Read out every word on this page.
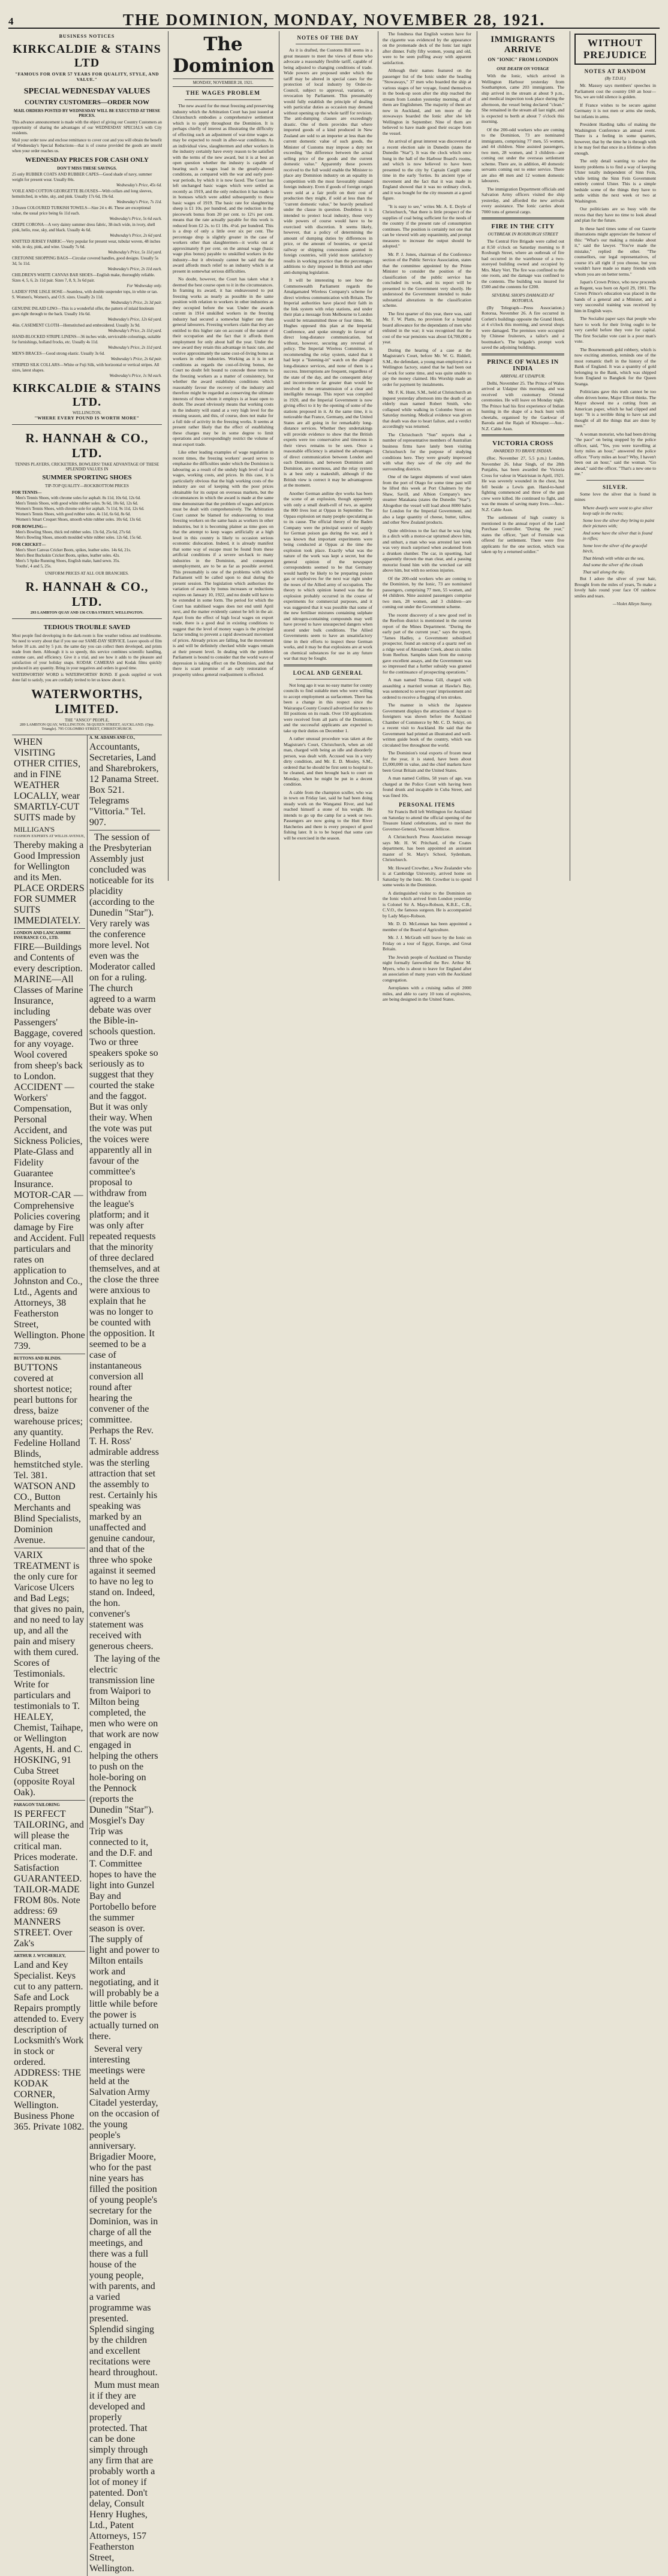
4	THE DOMINION, MONDAY, NOVEMBER 28, 1921.
BUSINESS NOTICES
KIRKCALDIE & STAINS LTD
"FAMOUS FOR OVER 57 YEARS FOR QUALITY, STYLE, AND VALUE."
SPECIAL WEDNESDAY VALUES
COUNTRY CUSTOMERS—ORDER NOW
MAIL ORDERS POSTED BY WEDNESDAY WILL BE EXECUTED AT THESE PRICES.

This advance announcement is made with the object of giving our Country Customers an opportunity of sharing the advantages of our WEDNESDAY SPECIALS with City residents.

Mail your order now and enclose remittance to cover cost and you will obtain the benefit of Wednesday's Special Reductions—that is of course provided the goods are unsold when your order reaches us.

WEDNESDAY PRICES FOR CASH ONLY
DON'T MISS THESE SAVINGS.
25 only RUBBER COATS AND RUBBER CAPES—Good shade of navy, summer weight for present wear. Usually 84s.
Wednesday's Price, 45s 6d.
VOILE AND COTTON GEORGETTE BLOUSES—With collars and long sleeves, hemstitched, in white, sky, and pink. Usually 17s 6d, 19s 6d.
Wednesday's Price, 7s 11d.
3 Dozen COLOURED TURKISH TOWELS—Size 24 x 46. These are exceptional value, the usual price being 6s 11d each.
Wednesday's Price, 5s 6d each.
CREPE CORONA—A very dainty summer dress fabric, 38-inch wide, in ivory, shell pink, helio, rose, sky, and black. Usually 4s 6d.
Wednesday's Price, 2s 6d yard.
KNITTED JERSEY FABRIC—Very popular for present wear, tubular woven, 48 inches wide, in sky, pink, and wine. Usually 7s 6d.
Wednesday's Price, 5s 11d yard.
CRETONNE SHOPPING BAGS—Circular covered handles, good designs. Usually 5s 3d, 5s 11d.
Wednesday's Price, 2s 11d each.
CHILDREN'S WHITE CANVAS BAR SHOES—English make, thoroughly reliable. Sizes 4, 5, 6, 2s 11d pair. Sizes 7, 8, 9, 3s 6d pair.
For Wednesday only.
LADIES' FINE LISLE HOSE—Seamless, with double suspender tops, in white or tan. S. Women's, Women's, and O.S. sizes. Usually 2s 11d.
Wednesday's Price, 2s 3d pair.
GENUINE INLAID LINO—This is a wonderful offer, the pattern of inlaid linoleum goes right through to the back. Usually 16s 6d.
Wednesday's Price, 12s 6d yard.
46in. CASEMENT CLOTH—Hemstitched and embroidered. Usually 3s 9d.
Wednesday's Price, 2s 11d yard.
HAND-BLOCKED STRIPE LINENS—36 inches wide, serviceable colourings, suitable for furnishings, holland frocks, etc. Usually 4s 11d.
Wednesday's Price, 2s 11d yard.
MEN'S BRACES—Good strong elastic. Usually 3s 6d.
Wednesday's Price, 2s 6d pair.
STRIPED SILK COLLARS—White or Fuji Silk, with horizontal or vertical stripes. All sizes, latest shapes.
Wednesday's Price, 1s 9d each.
KIRKCALDIE & STAINS LTD.
WELLINGTON.
"WHERE EVERY POUND IS WORTH MORE"
R. HANNAH & CO., LTD.
TENNIS PLAYERS, CRICKETERS, BOWLERS! TAKE ADVANTAGE OF THESE SPLENDID VALUES IN
SUMMER SPORTING SHOES
TIP-TOP QUALITY—ROCKBOTTOM PRICES
FOR TENNIS—
Men's Tennis Shoes, with chrome soles for asphalt. 8s 11d, 10s 6d, 12s 6d.
Men's Tennis Shoes, with good white rubber soles. 9s 6d, 10s 6d, 12s 6d.
Women's Tennis Shoes, with chrome sole for asphalt. 7s 11d, 9s 11d, 12s 6d.
Women's Tennis Shoes, with good rubber soles. 4s 11d, 6s 6d, 8s 6d.
Women's Smart Croquet Shoes, smooth white rubber soles. 10s 6d, 13s 6d.
FOR BOWLING—
Men's Bowling Shoes, thick red rubber soles. 13s 6d, 25s 6d, 27s 6d.
Men's Bowling Shoes, smooth moulded white rubber soles. 12s 6d, 15s 6d.
FOR CRICKET—
Men's Short Canvas Cricket Boots, spikes, leather soles. 14s 6d, 21s.
Men's Best Buckskin Cricket Boots, spikes, leather soles. 42s.
Men's 5 Spike Running Shoes, English make, hand sewn. 35s.
Youths', 4 and 5, 25s.
UNIFORM PRICES AT ALL OUR BRANCHES.
R. HANNAH & CO., LTD.
293 LAMBTON QUAY AND 136 CUBA STREET, WELLINGTON.
TEDIOUS TROUBLE SAVED

Most people find developing in the dark-room is fine weather tedious and troublesome. No need to worry about that if you use our SAME-DAY SERVICE. Leave spools of film before 10 a.m. and by 5 p.m. the same day you can collect them developed, and prints made from them. Although it is so speedy, this service combines scientific handling, extreme care, and efficiency. Give it a trial, and see how it adds to the pleasure and satisfaction of your holiday snaps. KODAK CAMERAS and Kodak films quickly produced in any quantity. Bring in your negatives and orders in good time.

WATERWORTHS' WORD is WATERWORTHS' BOND. If goods supplied or work done fail to satisfy, you are cordially invited to let us know about it.

WATERWORTHS, LIMITED.
THE "ANSCO" PEOPLE,
289 LAMBTON QUAY, WELLINGTON. 58 QUEEN STREET, AUCKLAND. (Opp. Triangle). 795 COLOMBO STREET, CHRISTCHURCH.

WHEN VISITING OTHER CITIES, and in FINE WEATHER LOCALLY, wear SMARTLY-CUT SUITS made by

MILLIGAN'S
FASHION EXPERTS AT WILLIS AVENUE,

Thereby making a Good Impression for Wellington and its Men. PLACE ORDERS FOR SUMMER SUITS IMMEDIATELY.

LONDON AND LANCASHIRE INSURANCE CO., LTD.

FIRE—Buildings and Contents of every description. MARINE—All Classes of Marine Insurance, including Passengers' Baggage, covered for any voyage. Wool covered from sheep's back to London. ACCIDENT — Workers' Compensation, Personal Accident, and Sickness Policies, Plate-Glass and Fidelity Guarantee Insurance. MOTOR-CAR — Comprehensive Policies covering damage by Fire and Accident. Full particulars and rates on application to Johnston and Co., Ltd., Agents and Attorneys, 38 Featherston Street, Wellington. Phone 739.

BUTTONS AND BLINDS.

BUTTONS covered at shortest notice; pearl buttons for dress, baize warehouse prices; any quantity. Fedeline Holland Blinds, hemstitched style. Tel. 381. WATSON AND CO., Button Merchants and Blind Specialists, Dominion Avenue.

VARIX TREATMENT is the only cure for Varicose Ulcers and Bad Legs; that gives no pain, and no need to lay up, and all the pain and misery with them cured. Scores of Testimonials. Write for particulars and testimonials to T. HEALEY, Chemist, Taihape, or Wellington Agents, H. and C. HOSKING, 91 Cuba Street (opposite Royal Oak).

PARAGON TAILORING

IS PERFECT TAILORING, and will please the critical man. Prices moderate. Satisfaction GUARANTEED. TAILOR-MADE FROM 80s. Note address: 69 MANNERS STREET. Over Zak's

ARTHUR J. WYCHERLEY,

Land and Key Specialist. Keys cut to any pattern. Safe and Lock Repairs promptly attended to. Every description of Locksmith's Work in stock or ordered. ADDRESS: THE KODAK CORNER, Wellington. Business Phone 365. Private 1082.

A. M. ADAMS AND CO.,

Accountants, Secretaries, Land and Sharebrokers, 12 Panama Street. Box 521. Telegrams "Vittoria." Tel. 907.

The session of the Presbyterian Assembly just concluded was noticeable for its placidity (according to the Dunedin "Star"). Very rarely was the conference more level. Not even was the Moderator called on for a ruling. The church agreed to a warm debate was over the Bible-in-schools question. Two or three speakers spoke so seriously as to suggest that they courted the stake and the faggot. But it was only their way. When the vote was put the voices were apparently all in favour of the committee's proposal to withdraw from the league's platform; and it was only after repeated requests that the minority of three declared themselves, and at the close the three were anxious to explain that he was no longer to be counted with the opposition. It seemed to be a case of instantaneous conversion all round after hearing the convener of the committee. Perhaps the Rev. T. H. Ross' admirable address was the sterling attraction that set the assembly to rest. Certainly his speaking was marked by an unaffected and genuine candour, and that of the three who spoke against it seemed to have no leg to stand on. Indeed, the hon. convener's statement was received with generous cheers.

The laying of the electric transmission line from Waipori to Milton being completed, the men who were on that work are now engaged in helping the others to push on the hole-boring on the Pennock (reports the Dunedin "Star"). Mosgiel's Day Trip was connected to it, and the D.F. and T. Committee hopes to have the light into Gunzel Bay and Portobello before the summer season is over. The supply of light and power to Milton entails work and negotiating, and it will probably be a little while before the power is actually turned on there.

Several very interesting meetings were held at the Salvation Army Citadel yesterday, on the occasion of the young people's anniversary. Brigadier Moore, who for the past nine years has filled the position of young people's secretary for the Dominion, was in charge of all the meetings, and there was a full house of the young people, with parents, and a varied programme was presented. Splendid singing by the children and excellent recitations were heard throughout.

Mum must mean it if they are developed and properly protected. That can be done simply through any firm that are probably worth a lot of money if patented. Don't delay, Consult Henry Hughes, Ltd., Patent Attorneys, 157 Featherston Street, Wellington.

The Dominion
MONDAY, NOVEMBER 28, 1921.
THE WAGES PROBLEM

The new award for the meat freezing and preserving industry which the Arbitration Court has just issued at Christchurch embodies a comprehensive settlement which is to apply throughout the Dominion. It is perhaps chiefly of interest as illustrating the difficulty of effecting such an adjustment of war-time wages as may be expected to result in after-war conditions. As an individual view, slaughtermen and other workers in the industry certainly have every reason to be satisfied with the terms of the new award, but it is at best an open question whether the industry is capable of bearing such a wages load in the greatly-altered conditions, as compared with the war and early post-war periods, by which it is now faced. The Court has left unchanged basic wages which were settled as recently as 1919, and the only reduction it has made is in bonuses which were added subsequently to these basic wages of 1919. The basic rate for slaughtering sheep is £1 10s. per hundred, and the reduction in the piecework bonus from 20 per cent. to 12½ per cent. means that the rate actually payable for this work is reduced from £2 2s. to £1 18s. 4½d. per hundred. This is a drop of only a little over six per cent. The percentage drop is slightly greater in the case of workers other than slaughtermen—it works out at approximately 8 per cent. on the annual wage (basic wage plus bonus) payable to unskilled workers in the industry—but it obviously cannot be said that the award affords much relief to an industry which is at present in somewhat serious difficulties.

No doubt, however, the Court has taken what it deemed the best course open to it in the circumstances. In framing its award, it has endeavoured to put freezing works as nearly as possible in the same position with relation to workers in other industries as they occupied before the war. Under the awards current in 1914 unskilled workers in the freezing industry had secured a somewhat higher rate than general labourers. Freezing workers claim that they are entitled to this higher rate on account of the nature of their occupation and the fact that it affords them employment for only about half the year. Under the new award they retain this advantage in basic rate, and receive approximately the same cost-of-living bonus as workers in other industries. Working as it is in set conditions as regards the cost-of-living bonus, the Court no doubt felt bound to concede these terms to the freezing workers as a matter of consistency, but whether the award establishes conditions which reasonably favour the recovery of the industry and therefore might be regarded as conserving the ultimate interests of those whom it employs is at least open to doubt. The award obviously means that working costs in the industry will stand at a very high level for the ensuing season, and this, of course, does not make for a full tide of activity in the freezing works. It seems at present rather likely that the effect of establishing these charges may be in some degree to limit operations and correspondingly restrict the volume of meat export trade.

Like other leading examples of wage regulation in recent times, the freezing workers' award serves to emphasise the difficulties under which the Dominion is labouring as a result of the unduly high level of local wages, working costs, and prices. In this case, it is particularly obvious that the high working costs of the industry are out of keeping with the poor prices obtainable for its output on overseas markets, but the circumstances in which the award is made at the same time demonstrate that the problem of wages and prices must be dealt with comprehensively. The Arbitration Court cannot be blamed for endeavouring to treat freezing workers on the same basis as workers in other industries, but it is becoming plainer as time goes on that the attempt to keep wages artificially at a high level in this country is likely to occasion serious economic dislocation. Indeed, it is already manifest that some way of escape must be found from these artificial conditions if a severe set-back to many industries in the Dominion, and consequent unemployment, are to be as far as possible averted. This presumably is one of the problems with which Parliament will be called upon to deal during the present session. The legislation which authorises the variation of awards by bonus increases or reductions expires on January 10, 1922, and no doubt will have to be extended in some form. The period for which the Court has stabilised wages does not end until April next, and the matter evidently cannot be left in the air. Apart from the effect of high local wages on export trade, there is a good deal in existing conditions to suggest that the level of money wages is the principal factor tending to prevent a rapid downward movement of prices. Already prices are falling, but the movement is and will be definitely checked while wages remain at their present level. In dealing with the problem Parliament is bound to consider that the world wave of depression is taking effect on the Dominion, and that there is scant promise of an early restoration of prosperity unless general readjustment is effected.

NOTES OF THE DAY

As it is drafted, the Customs Bill seems in a great measure to meet the views of those who advocate a reasonably flexible tariff, capable of being adjusted to changing conditions of trade. Wide powers are proposed under which the tariff may be altered in special cases for the protection of local industry by Order-in-Council, subject to approval, variation, or revocation by Parliament. This presumably would fully establish the principle of dealing with particular duties as occasion may demand without opening up the whole tariff for revision. The anti-dumping clauses are exceedingly drastic. One of them provides that where imported goods of a kind produced in New Zealand are sold to an importer at less than the current domestic value of such goods, the Minister of Customs may impose a duty not exceeding "the difference between the actual selling price of the goods and the current domestic value." Apparently these powers received to the full would enable the Minister to place any Dominion industry on an equality in competition with the most favourably situated foreign industry. Even if goods of foreign origin were sold at a fair profit on their cost of production they might, if sold at less than the "current domestic value," be heavily penalised under the clause in question. Doubtless it is intended to protect local industry, those very wide powers of course would have to be exercised with discretion. It seems likely, however, that a policy of determining the amount of dumping duties by differences in price, or the amount of bounties, or special railway or shipping concessions granted in foreign countries, will yield more satisfactory results in working practice than the percentages additions to duty imposed in British and other anti-dumping legislation.

It will be interesting to see how the Commonwealth Parliament regards the Amalgamated Wireless Company's scheme for direct wireless communication with Britain. The Imperial authorities have placed their faith in the link system with relay stations, and under their plan a message from Melbourne to London would be retransmitted three or four times. Mr. Hughes opposed this plan at the Imperial Conference, and spoke strongly in favour of direct long-distance communication, but without, however, securing any reversal of policy. The Imperial Wireless Committee, in recommending the relay system, stated that it had kept a "listening-in" watch on the alleged long-distance services, and none of them is a success. Interruptions are frequent, regardless of the state of the day, and the consequent delay and inconvenience far greater than would be involved in the retransmission of a clear and intelligible message. This report was compiled in 1920, and the Imperial Government is now giving effect to it by the opening of some of the stations proposed in it. At the same time, it is noticeable that France, Germany, and the United States are all going in for remarkably long-distance services. Whether they undertakings will provide evidence to show that the British experts were too conservative and timorous in their views remains to be seen. Once a reasonable efficiency is attained the advantages of direct communication between London and each Dominion, and between Dominion and Dominion, are enormous, and the relay system is at best only a makeshift, although if the British view is correct it may be advantageous at the moment.

Another German aniline dye works has been the scene of an explosion, though apparently with only a small death-roll of two, as against the 800 lives lost at Oppau in September. The Oppau explosion set many people speculating as to its cause. The official theory of the Baden Company were the principal source of supply for German poison gas during the war, and it was known that important experiments were being conducted at Oppau at the time the explosion took place. Exactly what was the nature of the work was kept a secret, but the general opinion of the newspaper correspondents seemed to be that Germany would hardly be likely to be preparing poison gas or explosives for the next war right under the noses of the Allied army of occupation. The theory to which opinion leaned was that the explosion probably occurred in the course of experiments for commercial purposes, and it was suggested that it was possible that some of the new fertiliser mixtures containing sulphate and nitrogen-containing compounds may well have proved to have unsuspected dangers when stored under bulk conditions. The Allied Governments seem to have an unsatisfactory time in their efforts to inspect these German works, and it may be that explosions are at work on chemical substances for use in any future war that may be fought.

LOCAL AND GENERAL

Not long ago it was no easy matter for county councils to find suitable men who were willing to accept employment as surfacemen. There has been a change in this respect since the Wairarapa County Council advertised for men to fill positions on its roads. Over 150 applications were received from all parts of the Dominion, and the successful applicants are expected to take up their duties on December 1.

A rather unusual procedure was taken at the Magistrate's Court, Christchurch, when an old man, charged with being an idle and disorderly person, was dealt with. Accused was in a very dirty condition, and Mr. E. D. Mosley, S.M., ordered that he should be first sent to hospital to be cleaned, and then brought back to court on Monday, when he might be put in a decent condition.

A cable from the champion sculler, who was in town on Friday last, said he had been doing steady work on the Wanganui River, and had reached himself a stone of his weight. He intends to go up the camp for a week or two. Passengers are now going to the Hutt River Hatcheries and there is every prospect of good fishing later. It is to be hoped that some care will be exercised in the season.

The fondness that English women have for the cigarette was evidenced by the appearance on the promenade deck of the Ionic last night after dinner. Fully fifty women, young and old, were to be seen puffing away with apparent satisfaction.

Although their names featured on the passenger list of the Ionic under the heading "Stowaways," 37 men who boarded the ship at various stages of her voyage, found themselves in the book-up soon after the ship reached the stream from London yesterday morning, all of them are Englishmen. The majority of them are now in Auckland, and ten more of the stowaways boarded the Ionic after she left Wellington in September. Nine of them are believed to have made good their escape from the vessel.

An arrival of great interest was discovered at a recent election sale in Dunedin (states the Dunedin "Star"). It was the clock which once hung in the hall of the Harbour Board's rooms, and which is now believed to have been presented to the city by Captain Cargill some time in the early 'forties. Its ancient type of movement and the fact that it was made in England showed that it was no ordinary clock, and it was bought for the city museum at a good figure.

"It is easy to see," writes Mr. A. E. Doyle of Christchurch, "that there is little prospect of the supplies of coal being sufficient for the needs of the country if the present rate of consumption continues. The position is certainly not one that can be viewed with any equanimity, and prompt measures to increase the output should be adopted."

Mr. P. J. Jones, chairman of the Conference section of the Public Service Association, states that the committee appointed by the Prime Minister to consider the position of the classification of the public service has concluded its work, and its report will be presented to the Government very shortly. He understood the Government intended to make substantial alterations in the classification scheme.

The first quarter of this year, there was, said Mr. F. W. Platts, no provision for a hospital board allowance for the dependants of men who enlisted in the war; it was recognised that the cost of the war pensions was about £4,700,000 a year.

During the hearing of a case at the Magistrate's Court, before Mr. W. G. Riddell, S.M., the defendant, a young man employed in a Wellington factory, stated that he had been out of work for some time, and was quite unable to pay the money claimed. His Worship made an order for payment by instalments.

Mr. F. K. Hunt, S.M., held at Christchurch an inquest yesterday afternoon into the death of an elderly man named Robert Smith, who collapsed while walking in Colombo Street on Saturday morning. Medical evidence was given that death was due to heart failure, and a verdict accordingly was returned.

The Christchurch "Sun" reports that a number of representative members of Australian business firms have lately been visiting Christchurch for the purpose of studying conditions here. They were greatly impressed with what they saw of the city and the surrounding districts.

One of the largest shipments of wool taken from the port of Otago for some time past will be lifted this week at Port Chalmers by the Shaw, Savill, and Albion Company's new steamer Matakana (states the Dunedin "Star"). Altogether the vessel will load about 8000 bales for London for the Imperial Government, and also a large quantity of cheese, butter, tallow, and other New Zealand products.

Quite oblivious to the fact that he was lying in a ditch with a motor-car upturned above him, and unhurt, a man who was arrested last week was very much surprised when awakened from a drunken slumber. The car, in upsetting, had apparently thrown the man clear, and a passing motorist found him with the wrecked car still above him, but with no serious injuries.

Of the 200-odd workers who are coming to the Dominion, by the Ionic, 73 are nominated passengers, comprising 77 men, 55 women, and 44 children. Nine assisted passengers comprise two men, 28 women, and 3 children—are coming out under the Government scheme.

The recent discovery of a new good reef in the Reefton district is mentioned in the current report of the Mines Department. "During the early part of the current year," says the report, "James Hadley, a Government subsidised prospector, found an outcrop of a quartz reef on a ridge west of Alexander Creek, about six miles from Reefton. Samples taken from the outcrop gave excellent assays, and the Government was so impressed that a further subsidy was granted for the continuance of prospecting operations."

A man named Thomas Gill, charged with assaulting a married woman at Hawke's Bay, was sentenced to seven years' imprisonment and ordered to receive a flogging of ten strokes.

The manner in which the Japanese Government displays the attractions of Japan to foreigners was shown before the Auckland Chamber of Commerce by Mr. C. D. Sekiyr, on a recent visit to Auckland. He said that the Government had printed an illustrated and well-written guide book of the country, which was circulated free throughout the world.

The Dominion's total exports of frozen meat for the year, it is stated, have been about £5,000,000 in value, and the chief markets have been Great Britain and the United States.

A man named Collins, 58 years of age, was charged at the Police Court with having been found drunk and incapable in Cuba Street, and was fined 10s.

PERSONAL ITEMS

Sir Francis Bell left Wellington for Auckland on Saturday to attend the official opening of the Treasure Island celebrations, and to meet the Governor-General, Viscount Jellicoe.

A Christchurch Press Association message says Mr. H. W. Pritchard, of the Coates department, has been appointed an assistant master of St. Mary's School, Sydenham, Christchurch.

Mr. Howard Crowther, a New Zealander who is at Cambridge University, arrived home on Saturday by the Ionic. Mr. Crowther is to spend some weeks in the Dominion.

A distinguished visitor to the Dominion on the Ionic which arrived from London yesterday is Colonel Sir A. Mayo-Robson, K.B.E., C.B., C.V.O., the famous surgeon. He is accompanied by Lady Mayo-Robson.

Mr. D. D. McLennan has been appointed a member of the Board of Agriculture.

Mr. J. J. McGrath will leave by the Ionic on Friday on a tour of Egypt, Europe, and Great Britain.

The Jewish people of Auckland on Thursday night formally farewelled the Rev. Arthur M. Myers, who is about to leave for England after an association of many years with the Auckland congregation.

Aeroplanes with a cruising radius of 2000 miles, and able to carry 10 tons of explosives, are being designed in the United States.

IMMIGRANTS ARRIVE
ON "IONIC" FROM LONDON
ONE DEATH ON VOYAGE

With the Ionic, which arrived in Wellington Harbour yesterday from Southampton, came 203 immigrants. The ship arrived in the stream at about 9 p.m., and medical inspection took place during the afternoon, the vessel being declared "clean." She remained in the stream all last night, and is expected to berth at about 7 o'clock this morning.

Of the 200-odd workers who are coming to the Dominion, 73 are nominated immigrants, comprising 77 men, 55 women, and 44 children. Nine assisted passengers, two men, 28 women, and 3 children—are coming out under the overseas settlement scheme. There are, in addition, 40 domestic servants coming out to enter service. There are also 48 men and 12 women domestic labourers.

The immigration Department officials and Salvation Army officers visited the ship yesterday, and afforded the new arrivals every assistance. The Ionic carries about 7000 tons of general cargo.

FIRE IN THE CITY
OUTBREAK IN ROXBURGH STREET

The Central Fire Brigade were called out at 8.50 o'clock on Saturday morning to 8 Roxburgh Street, where an outbreak of fire had occurred in the warehouse of a two-storeyed building owned and occupied by Mrs. Mary Vert. The fire was confined to the one room, and the damage was confined to the contents. The building was insured for £500 and the contents for £200.

SEVERAL SHOPS DAMAGED AT ROTORUA.

(By Telegraph—Press Association.) Rotorua, November 26. A fire occurred in Corlett's buildings opposite the Grand Hotel, at 4 o'clock this morning, and several shops were damaged. The premises were occupied by Chinese fruiterers, a tailor's and a bootmaker's. The brigade's prompt work saved the adjoining buildings.

PRINCE OF WALES IN INDIA
ARRIVAL AT UDAIPUR.

Delhi, November 25. The Prince of Wales arrived at Udaipur this morning, and was received with customary Oriental ceremonies. He will leave on Monday night. The Prince had his first experience of Indian hunting in the shape of a buck hunt with cheetahs, organised by the Gaekwar of Baroda and the Rajah of Khotapur.—Aus.-N.Z. Cable Assn.

VICTORIA CROSS
AWARDED TO BRAVE INDIAN.

(Rec. November 27, 5.5 p.m.) London, November 26. Ishar Singh, of the 28th Punjabis, has been awarded the Victoria Cross for valour in Waziristan in April, 1921. He was severely wounded in the chest, but fell beside a Lewis gun. Hand-to-hand fighting commenced and three of the gun crew were killed. He continued to fight, and was the means of saving many lives.—Aus.-N.Z. Cable Assn.

The settlement of high country is mentioned in the annual report of the Land Purchase Controller. "During the year," states the officer, "part of Fernside was offered for settlement. There were five applicants for the one section, which was taken up by a returned soldier."

WITHOUT PREJUDICE
NOTES AT RANDOM
(By T.D.H.)

Mr. Massey says members' speeches in Parliament cost the country £60 an hour—Yes, we are told silence is golden.

If France wishes to be secure against Germany it is not men or arms she needs, but infants in arms.

President Harding talks of making the Washington Conference an annual event. There is a feeling in some quarters, however, that by the time he is through with it he may feel that once in a lifetime is often enough.

The only detail wanting to solve the knotty problems is to find a way of keeping Ulster totally independent of Sinn Fein, while letting the Sinn Fein Government entirely control Ulster. This is a simple bedside scene of the things they have to settle within the next week or two at Washington.

Our politicians are so busy with the recess that they have no time to look ahead and plan for the future.

In these hard times some of our Gazette illustrations might appreciate the humour of this: "What's our making a mistake about it," said the lawyer. "You've made the mistake," replied the other. "The counsellors, our legal representatives, of course it's all right if you choose, but you wouldn't have made so many friends with whom you are on better terms."

Japan's Crown Prince, who now proceeds as Regent, was born on April 29, 1901. The Crown Prince's education was placed in the hands of a general and a Minister, and a very successful training was received by him in English ways.

The Socialist paper says that people who have to work for their living ought to be very careful before they vote for capital. The first Socialist vote cast is a poor man's vote.

The Bournemouth gold robbery, which is now exciting attention, reminds one of the most romantic theft in the history of the Bank of England. It was a quantity of gold belonging to the Bank, which was shipped from England to Bangkok for the Queen Seanga.

Politicians gave this truth cannot be too often driven home, Major Elliott thinks. The Mayor showed me a cutting from an American paper, which he had clipped and kept: "It is a terrible thing to have sat and thought of all the things that are done by men."

A woman motorist, who had been driving "the pace" on being stopped by the police officer, said, "Yes, you were travelling at forty miles an hour," answered the police officer. "Forty miles an hour? Why, I haven't been out an hour," said the woman. "Go ahead," said the officer. "That's a new one to me."

SILVER.

Some love the silver that is found in mines

Where dwarfs were wont to give silver keep safe in the rocks;
Some love the silver they bring to paint their pictures with;
And some have the silver that is found in rifles;
Some love the silver of the graceful birch,
That blends with white as the sea,
And some the silver of the clouds
That sail along the sky.

But I adore the silver of your hair, Brought from the miles of years, To make a lovely halo round your face Of rainbow smiles and tears.

—Violet Alleyn Storey.
